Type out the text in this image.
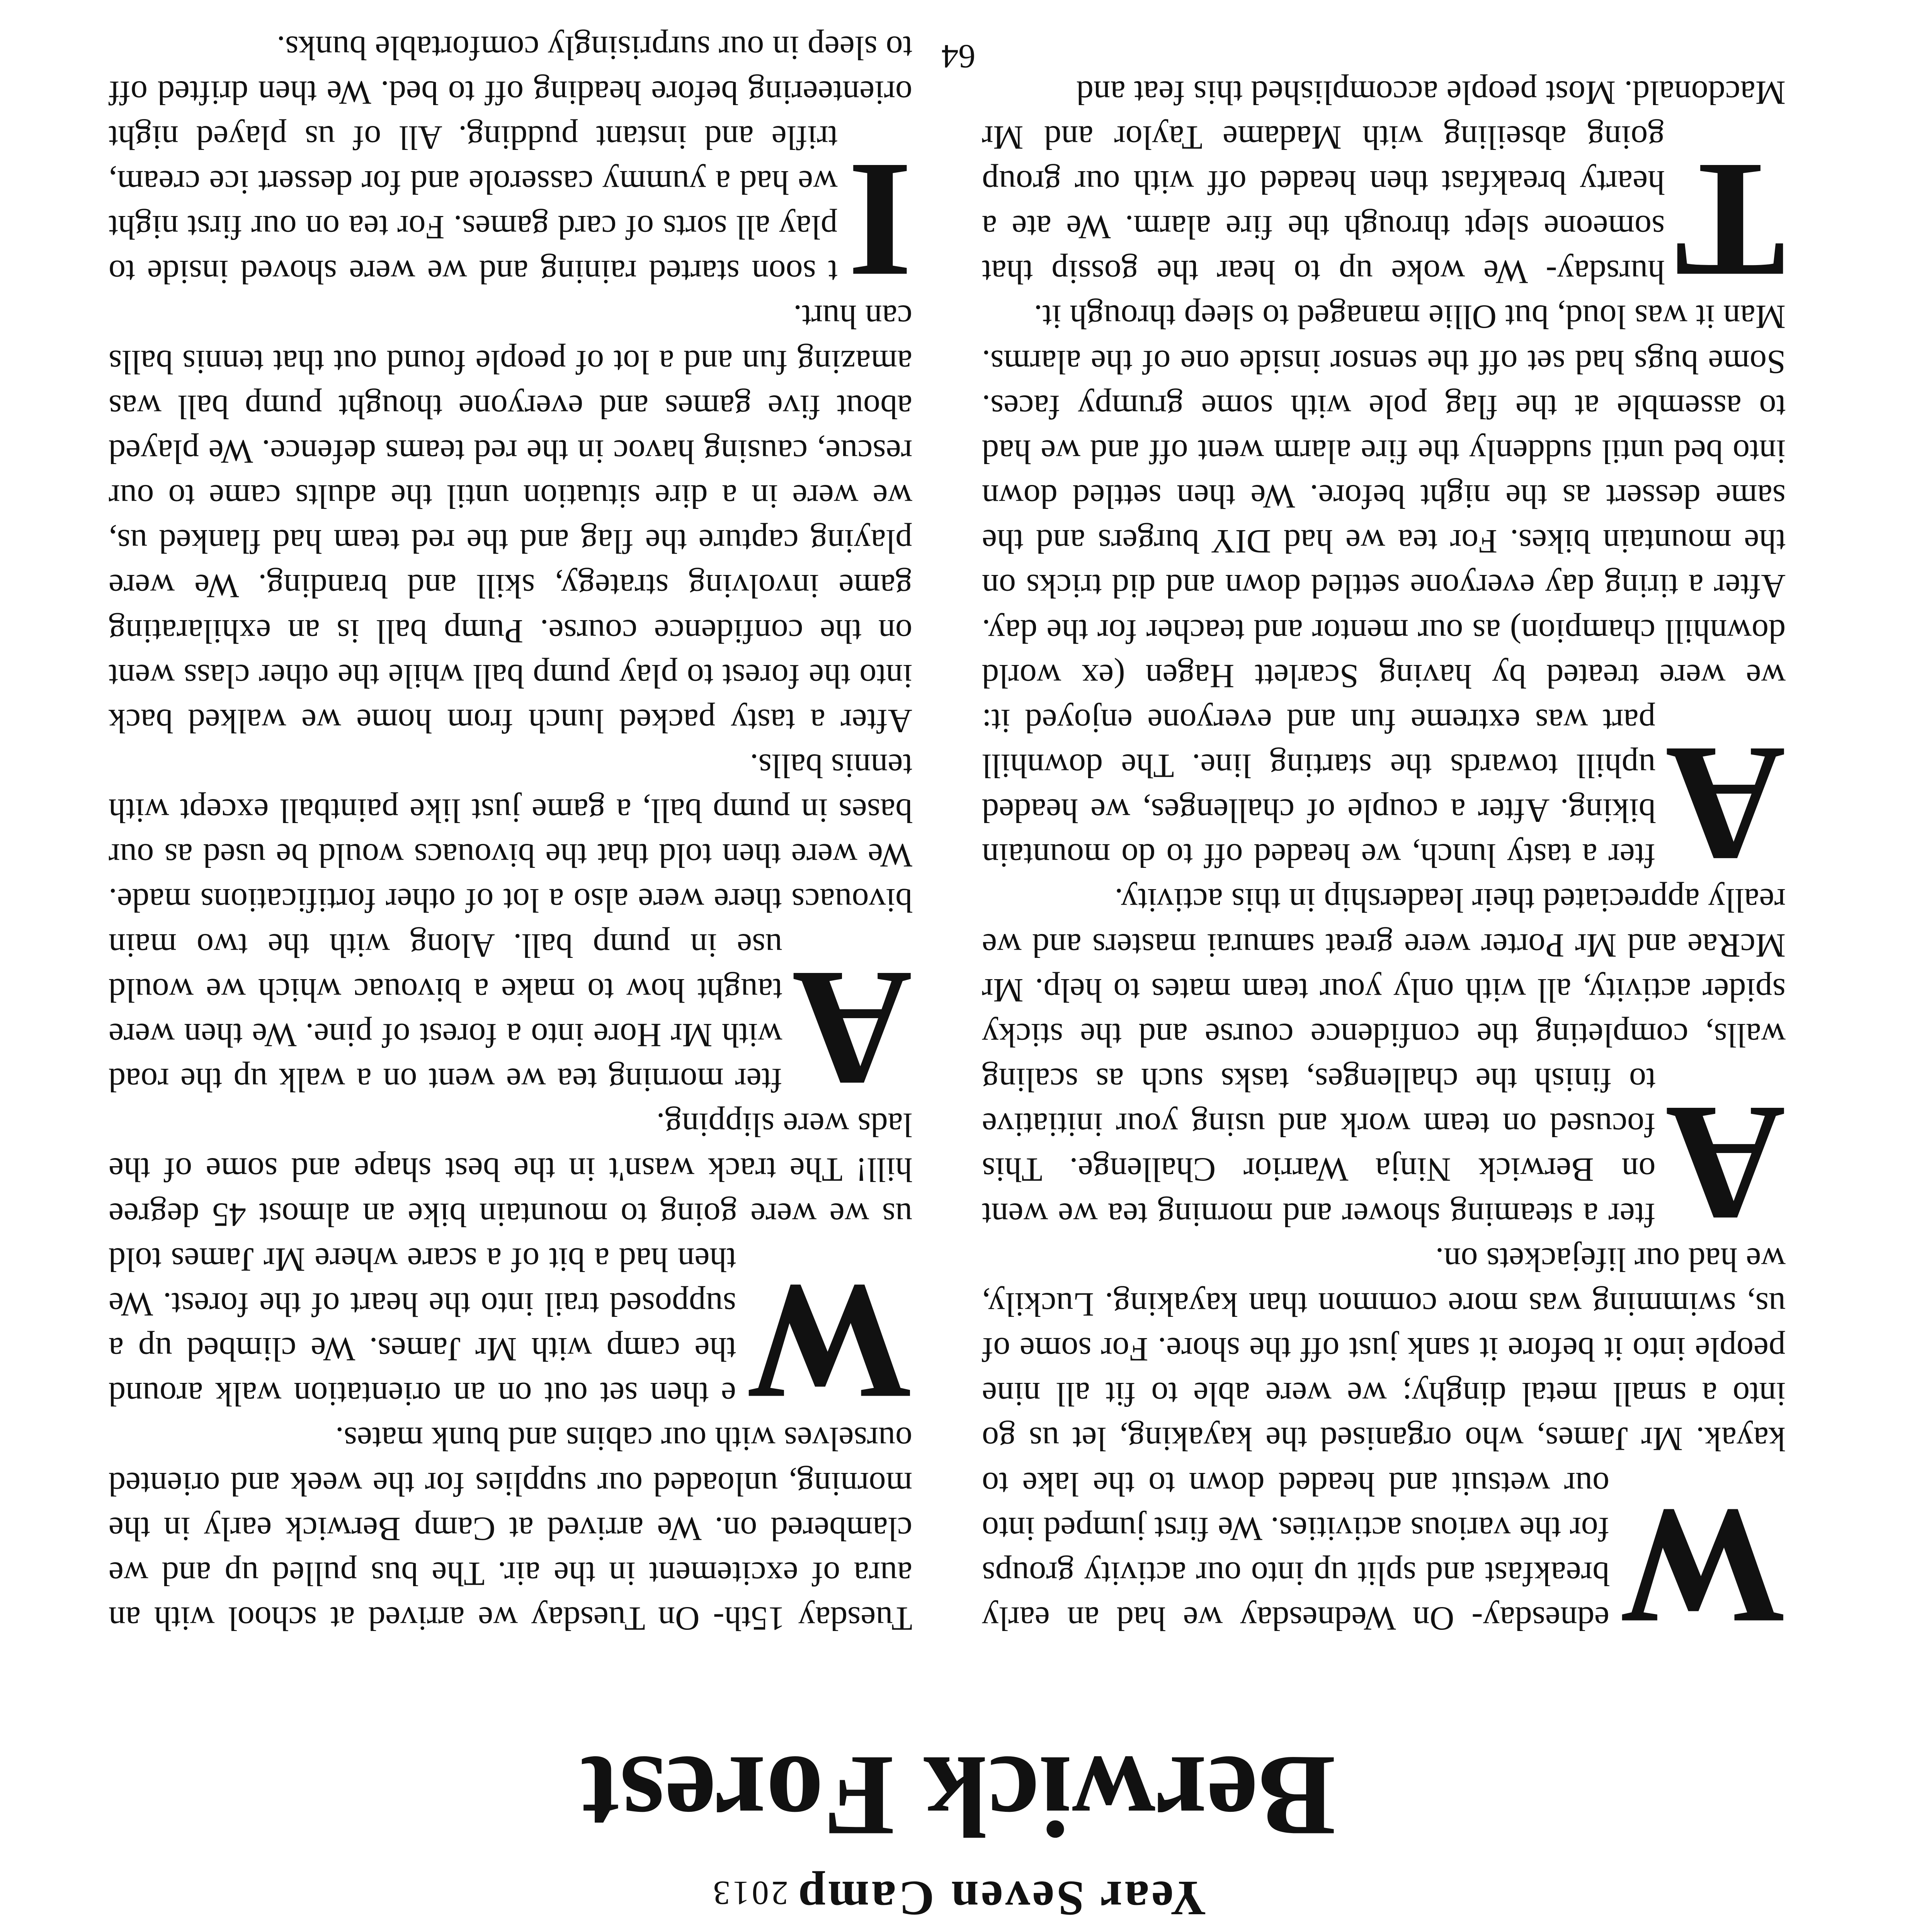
Year Seven Camp2013

Berwick Forest

Tuesday 15th- On Tuesday we arrived at school with an aura of excitement in the air. The bus pulled up and we clambered on. We arrived at Camp Berwick early in the morning, unloaded our supplies for the week and oriented ourselves with our cabins and bunk mates.

W
e then set out on an orientation walk around the camp with Mr James. We climbed up a supposed trail into the heart of the forest. We then had a bit of a scare where Mr James told us we were going to mountain bike an almost 45 degree hill! The track wasn't in the best shape and some of the lads were slipping.

A
fter morning tea we went on a walk up the road with Mr Hore into a forest of pine. We then were taught how to make a bivouac which we would use in pump ball. Along with the two main bivouacs there were also a lot of other fortifications made. We were then told that the bivouacs would be used as our bases in pump ball, a game just like paintball except with tennis balls.

After a tasty packed lunch from home we walked back into the forest to play pump ball while the other class went on the confidence course. Pump ball is an exhilarating game involving strategy, skill and branding. We were playing capture the flag and the red team had flanked us, we were in a dire situation until the adults came to our rescue, causing havoc in the red teams defence. We played about five games and everyone thought pump ball was amazing fun and a lot of people found out that tennis balls can hurt.

I
t soon started raining and we were shoved inside to play all sorts of card games. For tea on our first night we had a yummy casserole and for dessert ice cream, trifle and instant pudding. All of us played night orienteering before heading off to bed. We then drifted off to sleep in our surprisingly comfortable bunks.

W
ednesday- On Wednesday we had an early breakfast and split up into our activity groups for the various activities. We first jumped into our wetsuit and headed down to the lake to kayak. Mr James, who organised the kayaking, let us go into a small metal dinghy; we were able to fit all nine people into it before it sank just off the shore. For some of us, swimming was more common than kayaking. Luckily, we had our lifejackets on.

A
fter a steaming shower and morning tea we went on Berwick Ninja Warrior Challenge. This focused on team work and using your initiative to finish the challenges, tasks such as scaling walls, completing the confidence course and the sticky spider activity, all with only your team mates to help. Mr McRae and Mr Porter were great samurai masters and we really appreciated their leadership in this activity.

A
fter a tasty lunch, we headed off to do mountain biking. After a couple of challenges, we headed uphill towards the starting line. The downhill part was extreme fun and everyone enjoyed it: we were treated by having Scarlett Hagen (ex world downhill champion) as our mentor and teacher for the day. After a tiring day everyone settled down and did tricks on the mountain bikes. For tea we had DIY burgers and the same dessert as the night before. We then settled down into bed until suddenly the fire alarm went off and we had to assemble at the flag pole with some grumpy faces. Some bugs had set off the sensor inside one of the alarms. Man it was loud, but Ollie managed to sleep through it.

T
hursday- We woke up to hear the gossip that someone slept through the fire alarm. We ate a hearty breakfast then headed off with our group going abseiling with Madame Taylor and Mr Macdonald. Most people accomplished this feat and

64
